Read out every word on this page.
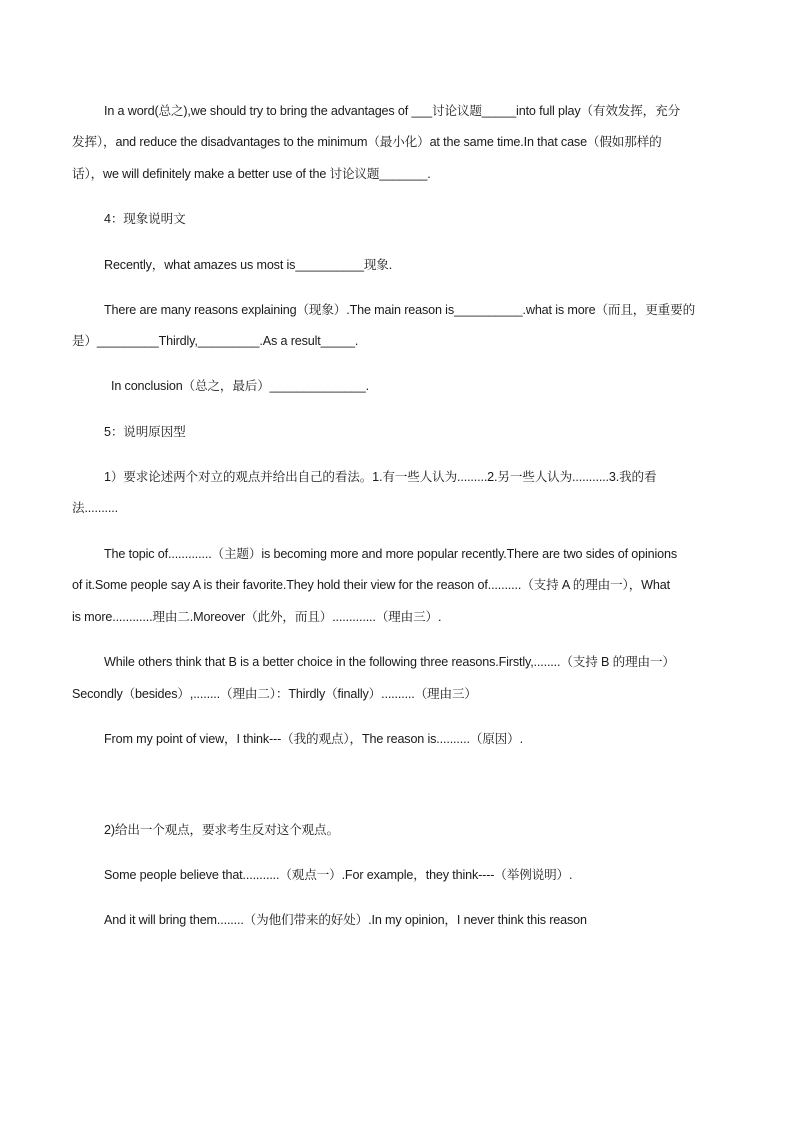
In a word(总之),we should try to bring the advantages of ___讨论议题_____into full play（有效发挥，充分
发挥），and reduce the disadvantages to the minimum（最小化）at the same time.In that case（假如那样的
话），we will definitely make a better use of the 讨论议题_______.
4：现象说明文
Recently，what amazes us most is__________现象.
There are many reasons explaining（现象）.The main reason is__________.what is more（而且，更重要的
是）_________Thirdly,_________.As a result_____.
In conclusion（总之，最后）______________.
5：说明原因型
1）要求论述两个对立的观点并给出自己的看法。1.有一些人认为.........2.另一些人认为...........3.我的看
法..........
The topic of.............（主题）is becoming more and more popular recently.There are two sides of opinions
of it.Some people say A is their favorite.They hold their view for the reason of..........（支持 A 的理由一），What
is more............理由二.Moreover（此外，而且）.............（理由三）.
While others think that B is a better choice in the following three reasons.Firstly,........（支持 B 的理由一）
Secondly（besides）,........（理由二）：Thirdly（finally）..........（理由三）
From my point of view，I think---（我的观点），The reason is..........（原因）.
2)给出一个观点，要求考生反对这个观点。
Some people believe that...........（观点一）.For example，they think----（举例说明）.
And it will bring them........（为他们带来的好处）.In my opinion，I never think this reason
